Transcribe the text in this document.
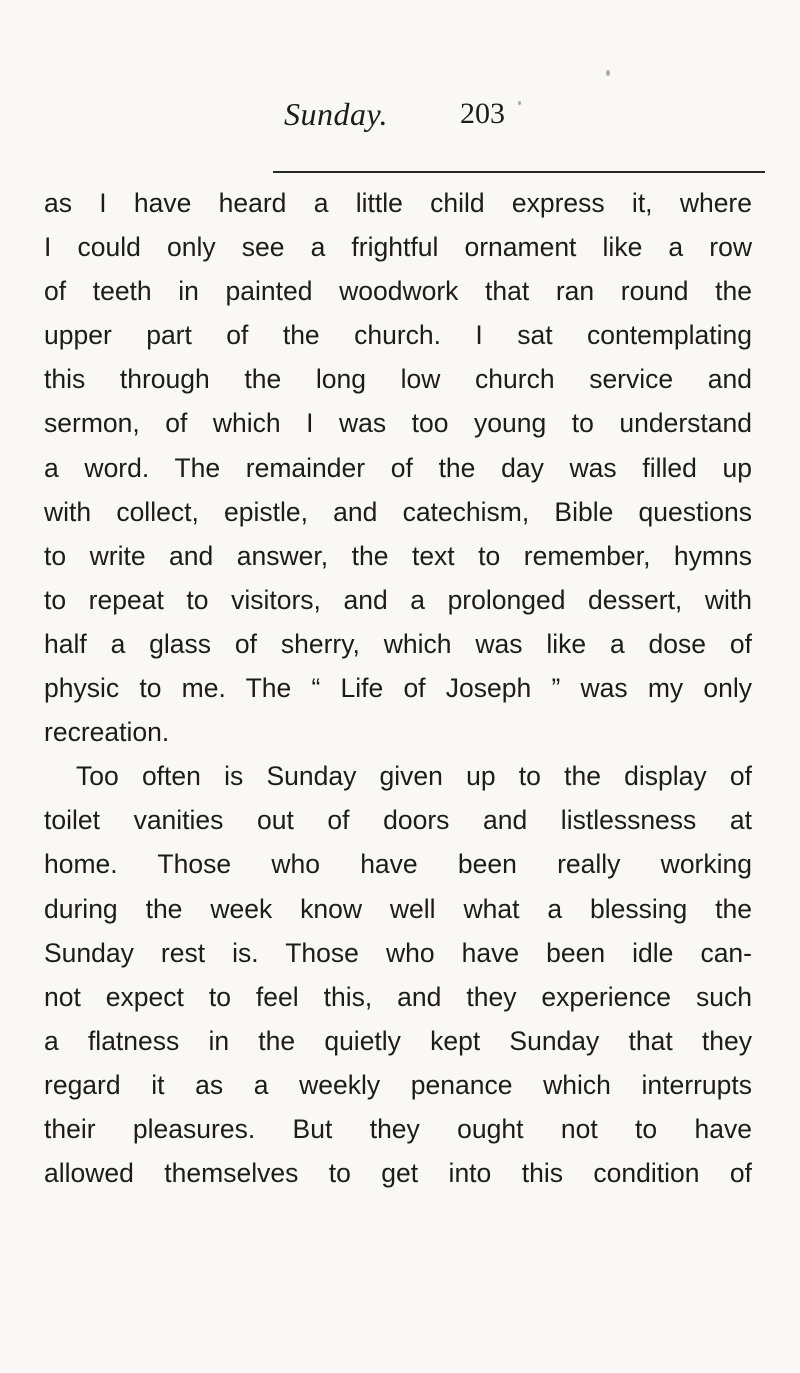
Sunday. 203
as I have heard a little child express it, where
I could only see a frightful ornament like a row
of teeth in painted woodwork that ran round the
upper part of the church. I sat contemplating
this through the long low church service and
sermon, of which I was too young to understand
a word. The remainder of the day was filled up
with collect, epistle, and catechism, Bible questions
to write and answer, the text to remember, hymns
to repeat to visitors, and a prolonged dessert, with
half a glass of sherry, which was like a dose of
physic to me. The “ Life of Joseph ” was my only
recreation.
Too often is Sunday given up to the display of
toilet vanities out of doors and listlessness at
home. Those who have been really working
during the week know well what a blessing the
Sunday rest is. Those who have been idle can-
not expect to feel this, and they experience such
a flatness in the quietly kept Sunday that they
regard it as a weekly penance which interrupts
their pleasures. But they ought not to have
allowed themselves to get into this condition of
